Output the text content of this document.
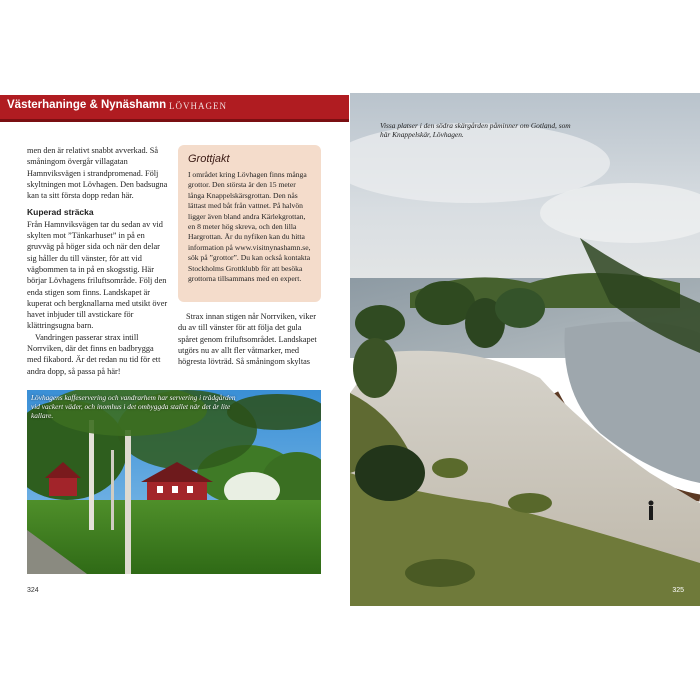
Västerhaninge & Nynäshamn LÖVHAGEN

men den är relativt snabbt avverkad. Så småningom övergår villagatan Hamnviksvägen i strandpromenad. Följ skyltningen mot Lövhagen. Den badsugna kan ta sitt första dopp redan här.

Kuperad sträcka

Från Hamnviksvägen tar du sedan av vid skylten mot ”Tänkarhuset” in på en gruvväg på höger sida och när den delar sig håller du till vänster, för att vid vägbommen ta in på en skogsstig. Här börjar Lövhagens friluftsområde. Följ den enda stigen som finns. Landskapet är kuperat och bergknallarna med utsikt över havet inbjuder till avstickare för klättringsugna barn.

Vandringen passerar strax intill Norrviken, där det finns en badbrygga med fikabord. Är det redan nu tid för ett andra dopp, så passa på här!

Grottjakt
I området kring Lövhagen finns många grottor. Den största är den 15 meter långa Knappelskärsgrottan. Den nås lättast med båt från vattnet. På halvön ligger även bland andra Kärlekgrottan, en 8 meter hög skreva, och den lilla Hargrottan. Är du nyfiken kan du hitta information på www.visitnynashamn.se, sök på ”grottor”. Du kan också kontakta Stockholms Grottklubb för att besöka grottorna tillsammans med en expert.

Strax innan stigen når Norrviken, viker du av till vänster för att följa det gula spåret genom friluftsområdet. Landskapet utgörs nu av allt fler våtmarker, med högresta lövträd. Så småningom skyltas

Lövhagens kaffeservering och vandrarhem har servering i trädgården vid vackert väder, och inomhus i det ombyggda stallet när det är lite kallare.
324
Vissa platser i den södra skärgården påminner om Gotland, som här Knappelskär, Lövhagen.
325
